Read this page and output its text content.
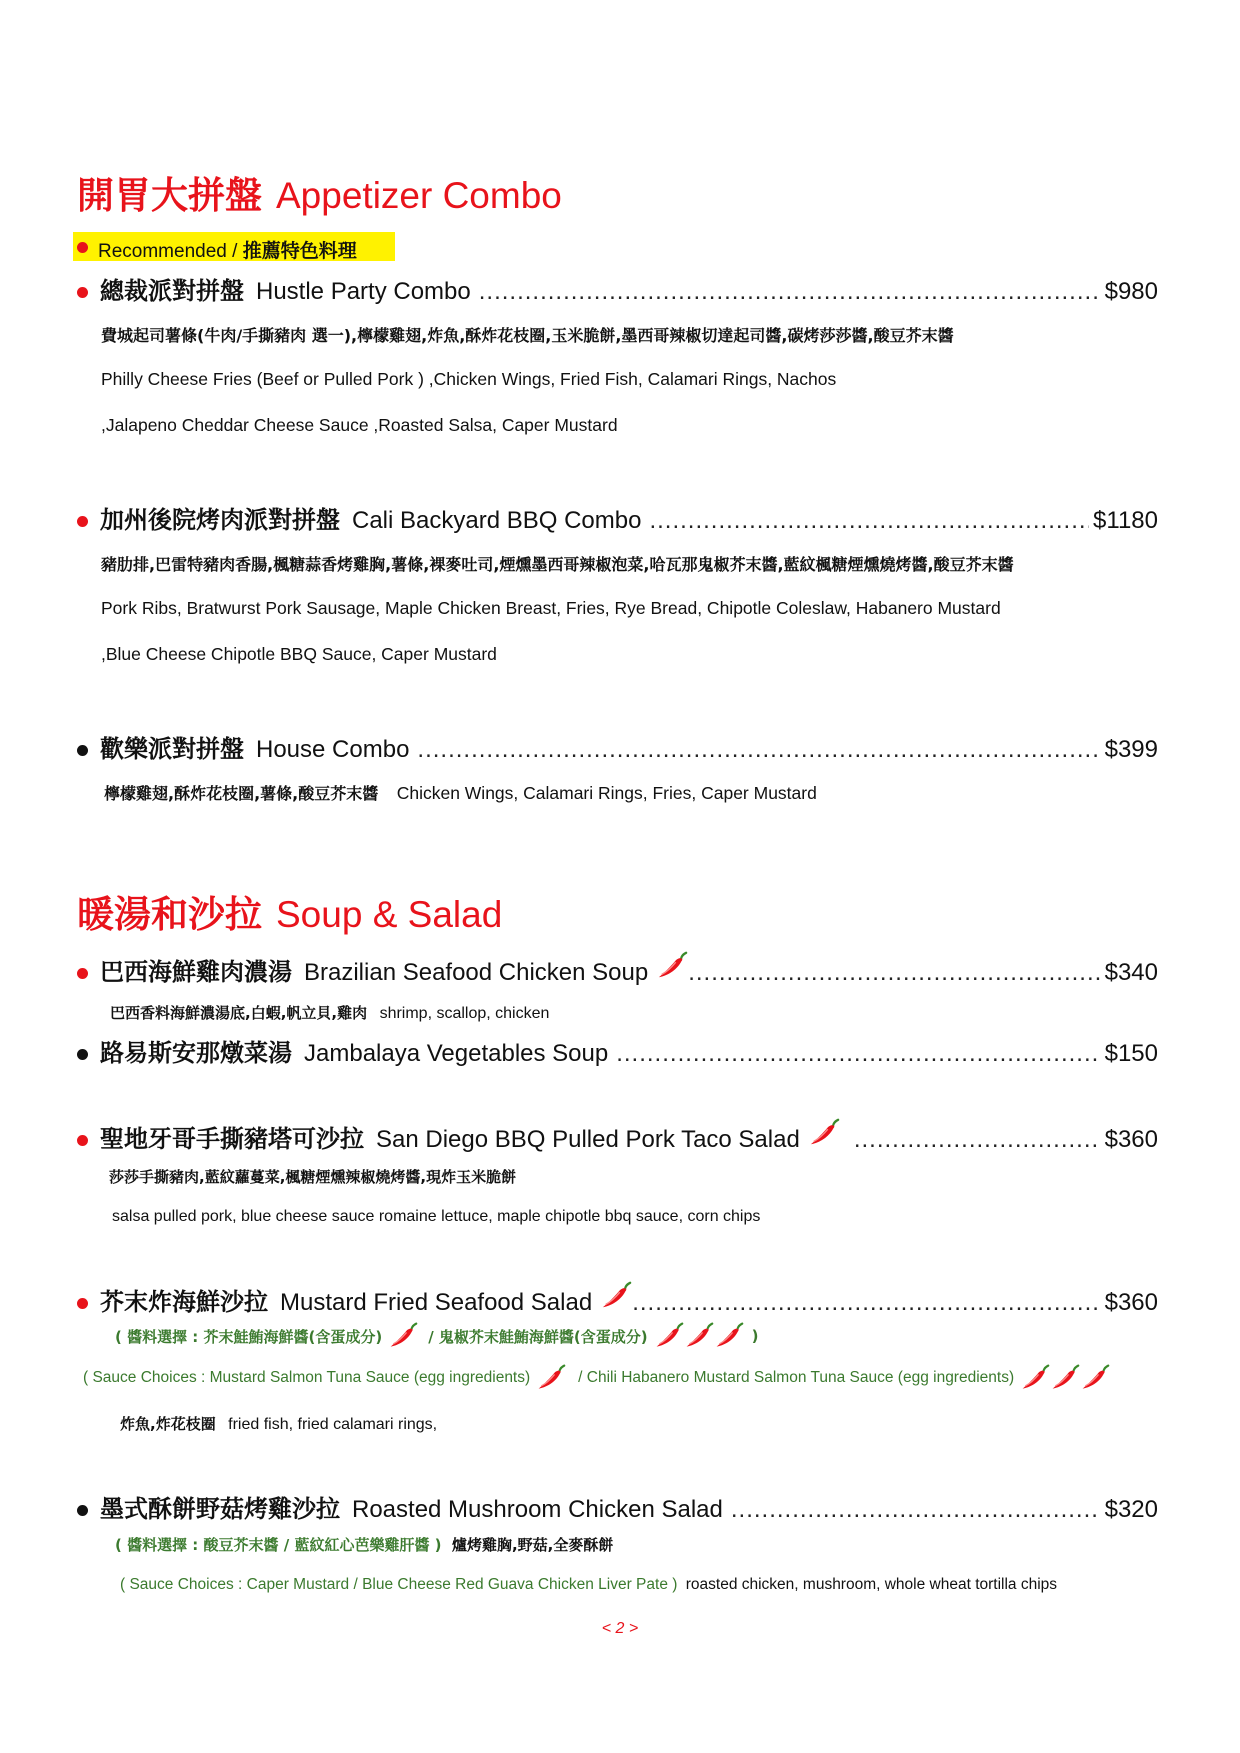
開胃大拼盤 Appetizer Combo
Recommended / 推薦特色料理
總裁派對拼盤 Hustle Party Combo .....	$980
費城起司薯條(牛肉/手撕豬肉 選一),檸檬雞翅,炸魚,酥炸花枝圈,玉米脆餅,墨西哥辣椒切達起司醬,碳烤莎莎醬,酸豆芥末醬
Philly Cheese Fries (Beef or Pulled Pork ) ,Chicken Wings, Fried Fish, Calamari Rings, Nachos
,Jalapeno Cheddar Cheese Sauce ,Roasted Salsa, Caper Mustard
加州後院烤肉派對拼盤 Cali Backyard BBQ Combo .....	$1180
豬肋排,巴雷特豬肉香腸,楓糖蒜香烤雞胸,薯條,裸麥吐司,煙燻墨西哥辣椒泡菜,哈瓦那鬼椒芥末醬,藍紋楓糖煙燻燒烤醬,酸豆芥末醬
Pork Ribs, Bratwurst Pork Sausage, Maple Chicken Breast, Fries, Rye Bread, Chipotle Coleslaw, Habanero Mustard
,Blue Cheese Chipotle BBQ Sauce, Caper Mustard
歡樂派對拼盤 House Combo .....	$399
檸檬雞翅,酥炸花枝圈,薯條,酸豆芥末醬 Chicken Wings, Calamari Rings, Fries, Caper Mustard
暖湯和沙拉 Soup & Salad
巴西海鮮雞肉濃湯 Brazilian Seafood Chicken Soup .....	$340
巴西香料海鮮濃湯底,白蝦,帆立貝,雞肉 shrimp, scallop, chicken
路易斯安那燉菜湯 Jambalaya Vegetables Soup .....	$150
聖地牙哥手撕豬塔可沙拉 San Diego BBQ Pulled Pork Taco Salad .....	$360
莎莎手撕豬肉,藍紋蘿蔓菜,楓糖煙燻辣椒燒烤醬,現炸玉米脆餅
salsa pulled pork, blue cheese sauce romaine lettuce, maple chipotle bbq sauce, corn chips
芥末炸海鮮沙拉 Mustard Fried Seafood Salad .....	$360
( 醬料選擇 : 芥末鮭鮪海鮮醬(含蛋成分)	/ 鬼椒芥末鮭鮪海鮮醬(含蛋成分)	)
( Sauce Choices : Mustard Salmon Tuna Sauce (egg ingredients)	/ Chili Habanero Mustard Salmon Tuna Sauce (egg ingredients)
炸魚,炸花枝圈 fried fish, fried calamari rings,
墨式酥餅野菇烤雞沙拉 Roasted Mushroom Chicken Salad .....	$320
( 醬料選擇 : 酸豆芥末醬 / 藍紋紅心芭樂雞肝醬 ) 爐烤雞胸,野菇,全麥酥餅
( Sauce Choices : Caper Mustard / Blue Cheese Red Guava Chicken Liver Pate ) roasted chicken, mushroom, whole wheat tortilla chips
< 2 >
